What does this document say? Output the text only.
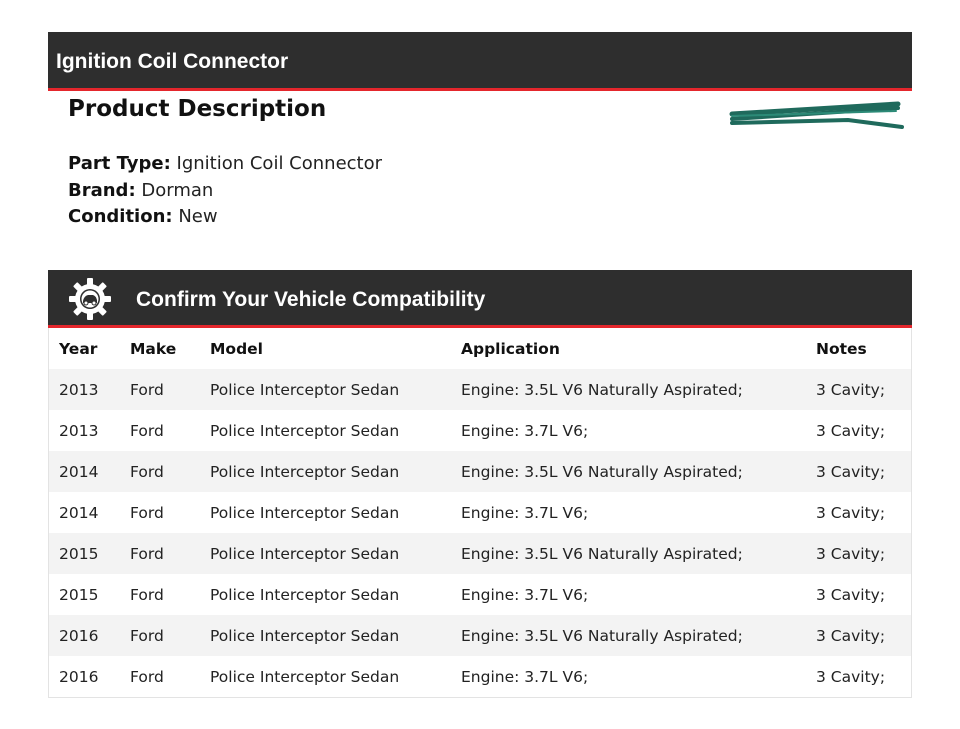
Ignition Coil Connector
Product Description
Part Type: Ignition Coil Connector
Brand: Dorman
Condition: New
Confirm Your Vehicle Compatibility
Year	Make	Model	Application	Notes
2013	Ford	Police Interceptor Sedan	Engine: 3.5L V6 Naturally Aspirated;	3 Cavity;
2013	Ford	Police Interceptor Sedan	Engine: 3.7L V6;	3 Cavity;
2014	Ford	Police Interceptor Sedan	Engine: 3.5L V6 Naturally Aspirated;	3 Cavity;
2014	Ford	Police Interceptor Sedan	Engine: 3.7L V6;	3 Cavity;
2015	Ford	Police Interceptor Sedan	Engine: 3.5L V6 Naturally Aspirated;	3 Cavity;
2015	Ford	Police Interceptor Sedan	Engine: 3.7L V6;	3 Cavity;
2016	Ford	Police Interceptor Sedan	Engine: 3.5L V6 Naturally Aspirated;	3 Cavity;
2016	Ford	Police Interceptor Sedan	Engine: 3.7L V6;	3 Cavity;
